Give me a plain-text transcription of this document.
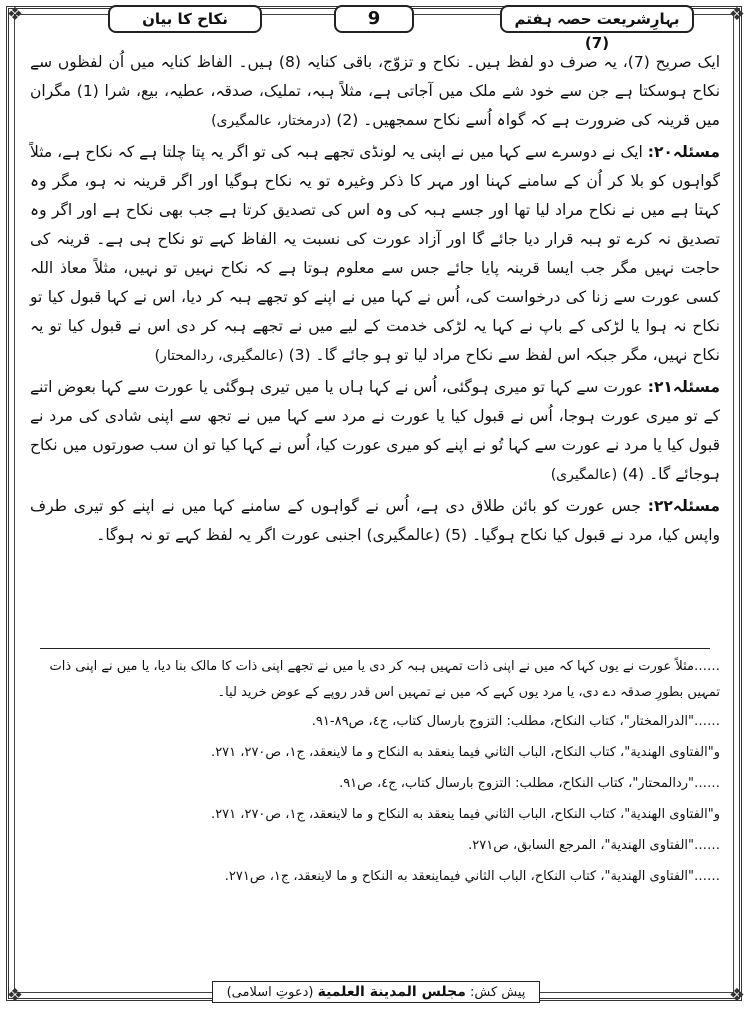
❖	❖
❖	❖
نکاح کا بیان	9	بہارِشریعت حصہ ہفتم (7)

ایک صریح (7)، یہ صرف دو لفظ ہیں۔ نکاح و تزوّج، باقی کنایہ (8) ہیں۔ الفاظ کنایہ میں اُن لفظوں سے نکاح ہوسکتا ہے جن سے خود شے ملک میں آجاتی ہے، مثلاً ہبہ، تملیک، صدقہ، عطیہ، بیع، شرا (1) مگران میں قرینہ کی ضرورت ہے کہ گواہ اُسے نکاح سمجھیں۔ (2) (درمختار، عالمگیری)

مسئلہ۲۰: ایک نے دوسرے سے کہا میں نے اپنی یہ لونڈی تجھے ہبہ کی تو اگر یہ پتا چلتا ہے کہ نکاح ہے، مثلاً گواہوں کو بلا کر اُن کے سامنے کہنا اور مہر کا ذکر وغیرہ تو یہ نکاح ہوگیا اور اگر قرینہ نہ ہو، مگر وہ کہتا ہے میں نے نکاح مراد لیا تھا اور جسے ہبہ کی وہ اس کی تصدیق کرتا ہے جب بھی نکاح ہے اور اگر وہ تصدیق نہ کرے تو ہبہ قرار دیا جائے گا اور آزاد عورت کی نسبت یہ الفاظ کہے تو نکاح ہی ہے۔ قرینہ کی حاجت نہیں مگر جب ایسا قرینہ پایا جائے جس سے معلوم ہوتا ہے کہ نکاح نہیں تو نہیں، مثلاً معاذ اللہ کسی عورت سے زنا کی درخواست کی، اُس نے کہا میں نے اپنے کو تجھے ہبہ کر دیا، اس نے کہا قبول کیا تو نکاح نہ ہوا یا لڑکی کے باپ نے کہا یہ لڑکی خدمت کے لیے میں نے تجھے ہبہ کر دی اس نے قبول کیا تو یہ نکاح نہیں، مگر جبکہ اس لفظ سے نکاح مراد لیا تو ہو جائے گا۔ (3) (عالمگیری، ردالمحتار)

مسئلہ۲۱: عورت سے کہا تو میری ہوگئی، اُس نے کہا ہاں یا میں تیری ہوگئی یا عورت سے کہا بعوض اتنے کے تو میری عورت ہوجا، اُس نے قبول کیا یا عورت نے مرد سے کہا میں نے تجھ سے اپنی شادی کی مرد نے قبول کیا یا مرد نے عورت سے کہا تُو نے اپنے کو میری عورت کیا، اُس نے کہا کیا تو ان سب صورتوں میں نکاح ہوجائے گا۔ (4) (عالمگیری)

مسئلہ۲۲: جس عورت کو بائن طلاق دی ہے، اُس نے گواہوں کے سامنے کہا میں نے اپنے کو تیری طرف واپس کیا، مرد نے قبول کیا نکاح ہوگیا۔ (5) (عالمگیری) اجنبی عورت اگر یہ لفظ کہے تو نہ ہوگا۔

……مثلاً عورت نے یوں کہا کہ میں نے اپنی ذات تمہیں ہبہ کر دی یا میں نے تجھے اپنی ذات کا مالک بنا دیا، یا میں نے اپنی ذات تمہیں بطورِ صدقہ دے دی، یا مرد یوں کہے کہ میں نے تمہیں اس قدر روپے کے عوض خرید لیا۔

……"الدرالمختار"، كتاب النكاح، مطلب: التزوج بارسال كتاب، ج٤، ص٨٩-٩١.

و"الفتاوى الهندية"، كتاب النكاح، الباب الثاني فيما ينعقد به النكاح و ما لاينعقد، ج١، ص٢٧٠، ٢٧١.

……"ردالمحتار"، كتاب النكاح، مطلب: التزوج بارسال كتاب، ج٤، ص٩١.

و"الفتاوى الهندية"، كتاب النكاح، الباب الثاني فيما ينعقد به النكاح و ما لاينعقد، ج١، ص٢٧٠، ٢٧١.

……"الفتاوى الهندية"، المرجع السابق، ص٢٧١.

……"الفتاوى الهندية"، كتاب النكاح، الباب الثاني فيماينعقد به النكاح و ما لاينعقد، ج١، ص٢٧١.

پیش کش: مجلس المدینة العلمیة (دعوتِ اسلامی)
